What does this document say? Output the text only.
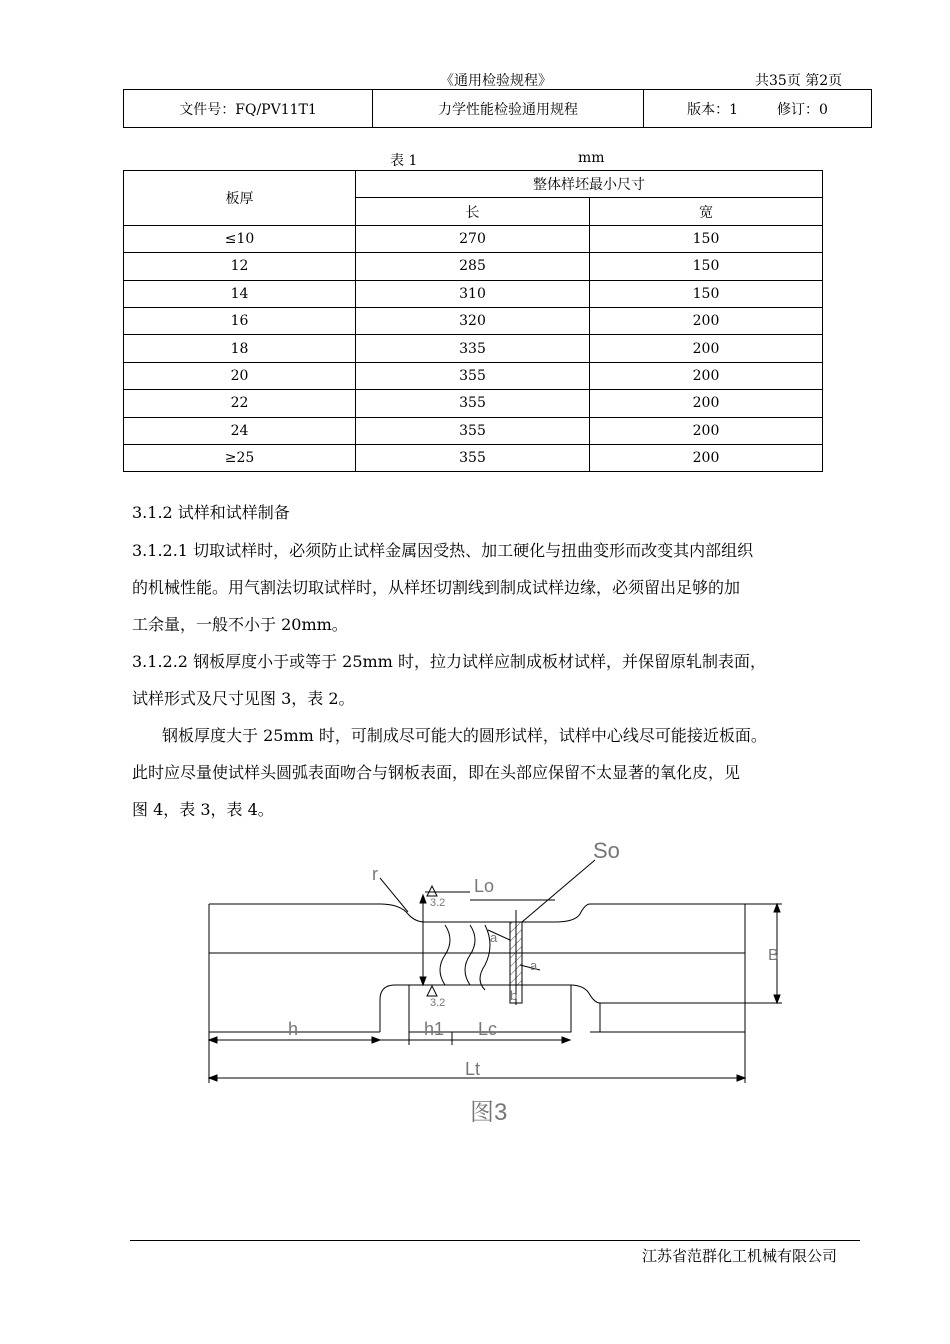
《通用检验规程》	共35页 第2页
文件号：FQ/PV11T1	力学性能检验通用规程	版本：1	修订：0
表 1	mm
板厚	整体样坯最小尺寸	
	长	宽
≤10	270	150
12	285	150
14	310	150
16	320	200
18	335	200
20	355	200
22	355	200
24	355	200
≥25	355	200
3.1.2 试样和试样制备
3.1.2.1 切取试样时，必须防止试样金属因受热、加工硬化与扭曲变形而改变其内部组织
的机械性能。用气割法切取试样时，从样坯切割线到制成试样边缘，必须留出足够的加
工余量，一般不小于 20mm。
3.1.2.2 钢板厚度小于或等于 25mm 时，拉力试样应制成板材试样，并保留原轧制表面，
试样形式及尺寸见图 3，表 2。
钢板厚度大于 25mm 时，可制成尽可能大的圆形试样，试样中心线尽可能接近板面。
此时应尽量使试样头圆弧表面吻合与钢板表面，即在头部应保留不太显著的氧化皮，见
图 4，表 3，表 4。
So
r
Lo
3.2
3.2
a
a
b
B
h	h1 Lc
Lt
图3
江苏省范群化工机械有限公司
